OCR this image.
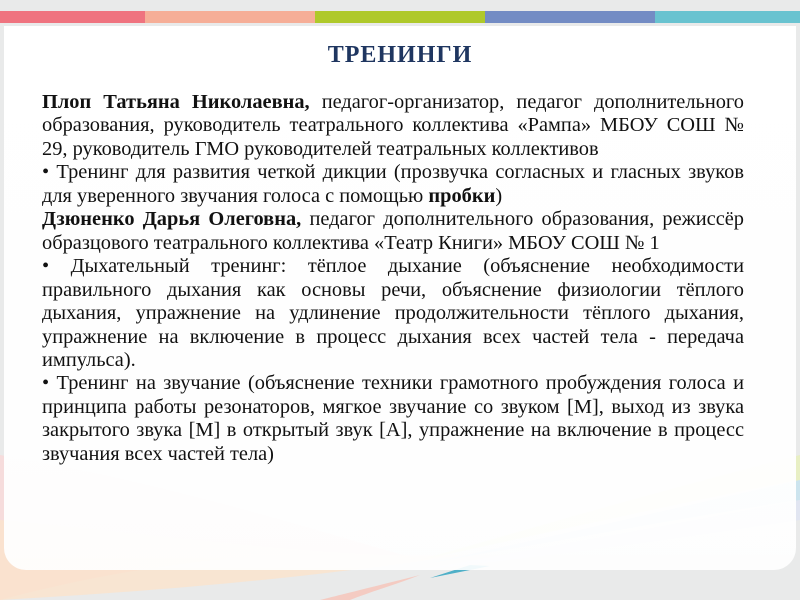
ТРЕНИНГИ

Плоп Татьяна Николаевна, педагог-организатор, педагог дополнительного образования, руководитель театрального коллектива «Рампа» МБОУ СОШ № 29, руководитель ГМО руководителей театральных коллективов

• Тренинг для развития четкой дикции (прозвучка согласных и гласных звуков для уверенного звучания голоса с помощью пробки)

Дзюненко Дарья Олеговна, педагог дополнительного образования, режиссёр образцового театрального коллектива «Театр Книги» МБОУ СОШ № 1

• Дыхательный тренинг: тёплое дыхание (объяснение необходимости правильного дыхания как основы речи, объяснение физиологии тёплого дыхания, упражнение на удлинение продолжительности тёплого дыхания, упражнение на включение в процесс дыхания всех частей тела - передача импульса).

• Тренинг на звучание (объяснение техники грамотного пробуждения голоса и принципа работы резонаторов, мягкое звучание со звуком [М], выход из звука закрытого звука [М] в открытый звук [А], упражнение на включение в процесс звучания всех частей тела)
